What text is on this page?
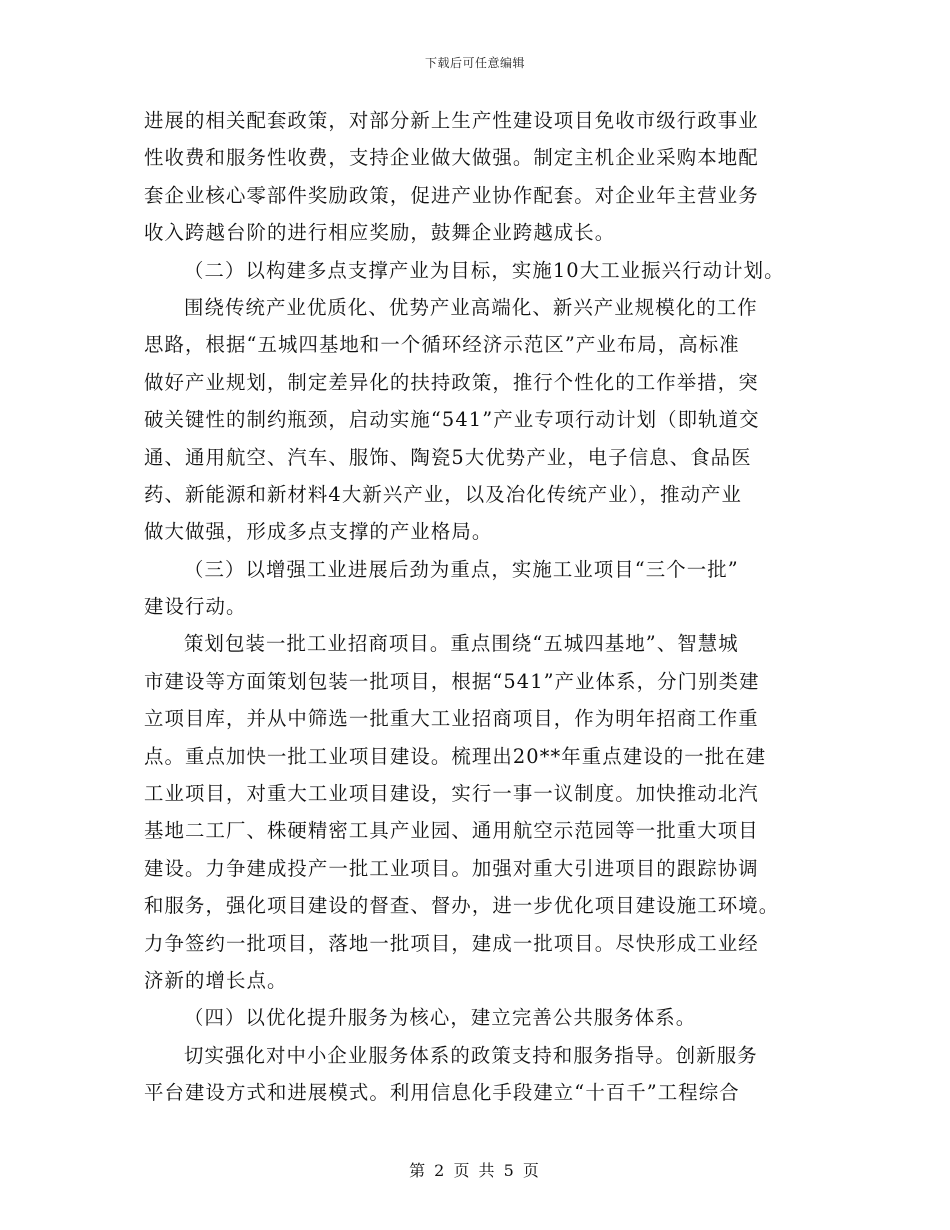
下载后可任意编辑
进展的相关配套政策，对部分新上生产性建设项目免收市级行政事业
性收费和服务性收费，支持企业做大做强。制定主机企业采购本地配
套企业核心零部件奖励政策，促进产业协作配套。对企业年主营业务
收入跨越台阶的进行相应奖励，鼓舞企业跨越成长。
（二）以构建多点支撑产业为目标，实施10大工业振兴行动计划。
围绕传统产业优质化、优势产业高端化、新兴产业规模化的工作
思路，根据“五城四基地和一个循环经济示范区”产业布局，高标准
做好产业规划，制定差异化的扶持政策，推行个性化的工作举措，突
破关键性的制约瓶颈，启动实施“541”产业专项行动计划（即轨道交
通、通用航空、汽车、服饰、陶瓷5大优势产业，电子信息、食品医
药、新能源和新材料4大新兴产业，以及冶化传统产业），推动产业
做大做强，形成多点支撑的产业格局。
（三）以增强工业进展后劲为重点，实施工业项目“三个一批”
建设行动。
策划包装一批工业招商项目。重点围绕“五城四基地”、智慧城
市建设等方面策划包装一批项目，根据“541”产业体系，分门别类建
立项目库，并从中筛选一批重大工业招商项目，作为明年招商工作重
点。重点加快一批工业项目建设。梳理出20**年重点建设的一批在建
工业项目，对重大工业项目建设，实行一事一议制度。加快推动北汽
基地二工厂、株硬精密工具产业园、通用航空示范园等一批重大项目
建设。力争建成投产一批工业项目。加强对重大引进项目的跟踪协调
和服务，强化项目建设的督查、督办，进一步优化项目建设施工环境。
力争签约一批项目，落地一批项目，建成一批项目。尽快形成工业经
济新的增长点。
（四）以优化提升服务为核心，建立完善公共服务体系。
切实强化对中小企业服务体系的政策支持和服务指导。创新服务
平台建设方式和进展模式。利用信息化手段建立“十百千”工程综合
第 2 页 共 5 页
